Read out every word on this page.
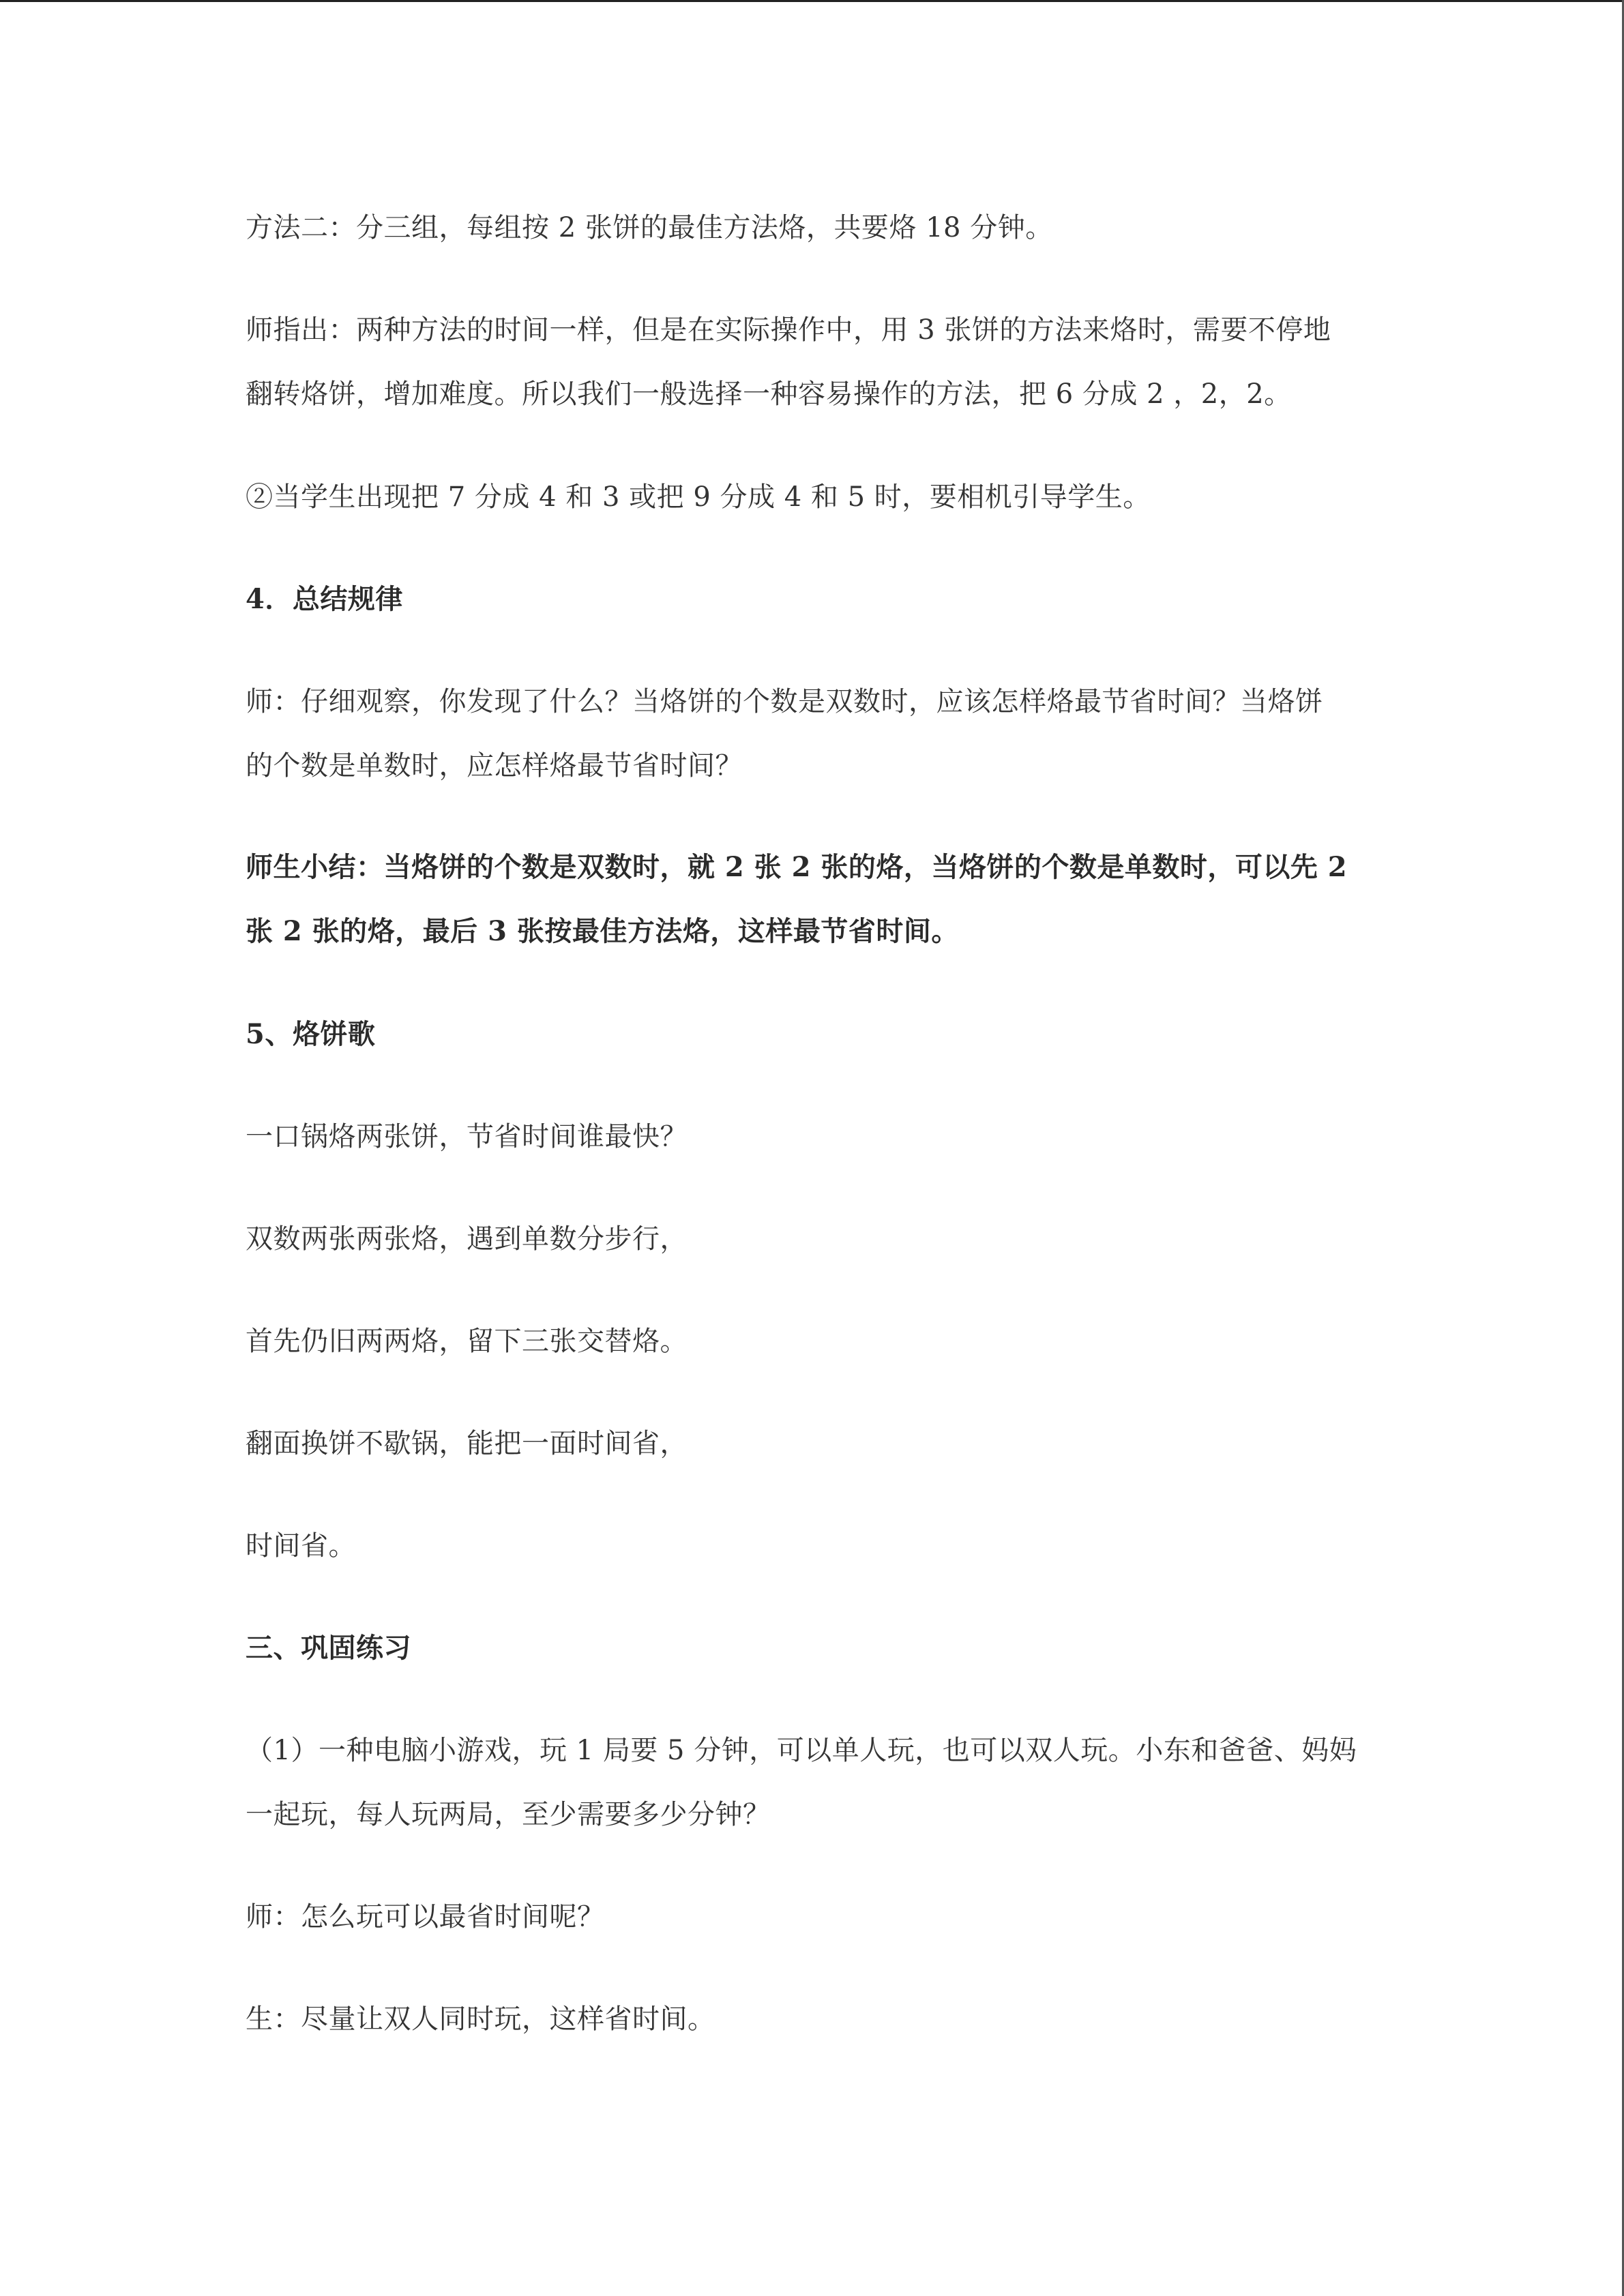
方法二：分三组，每组按 2 张饼的最佳方法烙，共要烙 18 分钟。
师指出：两种方法的时间一样，但是在实际操作中，用 3 张饼的方法来烙时，需要不停地
翻转烙饼，增加难度。所以我们一般选择一种容易操作的方法，把 6 分成 2 ，2，2。
②当学生出现把 7 分成 4 和 3 或把 9 分成 4 和 5 时，要相机引导学生。
4．总结规律
师：仔细观察，你发现了什么？当烙饼的个数是双数时，应该怎样烙最节省时间？当烙饼
的个数是单数时，应怎样烙最节省时间？
师生小结：当烙饼的个数是双数时，就 2 张 2 张的烙，当烙饼的个数是单数时，可以先 2
张 2 张的烙，最后 3 张按最佳方法烙，这样最节省时间。
5、烙饼歌
一口锅烙两张饼，节省时间谁最快？
双数两张两张烙，遇到单数分步行，
首先仍旧两两烙，留下三张交替烙。
翻面换饼不歇锅，能把一面时间省，
时间省。
三、巩固练习
（1）一种电脑小游戏，玩 1 局要 5 分钟，可以单人玩，也可以双人玩。小东和爸爸、妈妈
一起玩，每人玩两局，至少需要多少分钟？
师：怎么玩可以最省时间呢？
生：尽量让双人同时玩，这样省时间。
